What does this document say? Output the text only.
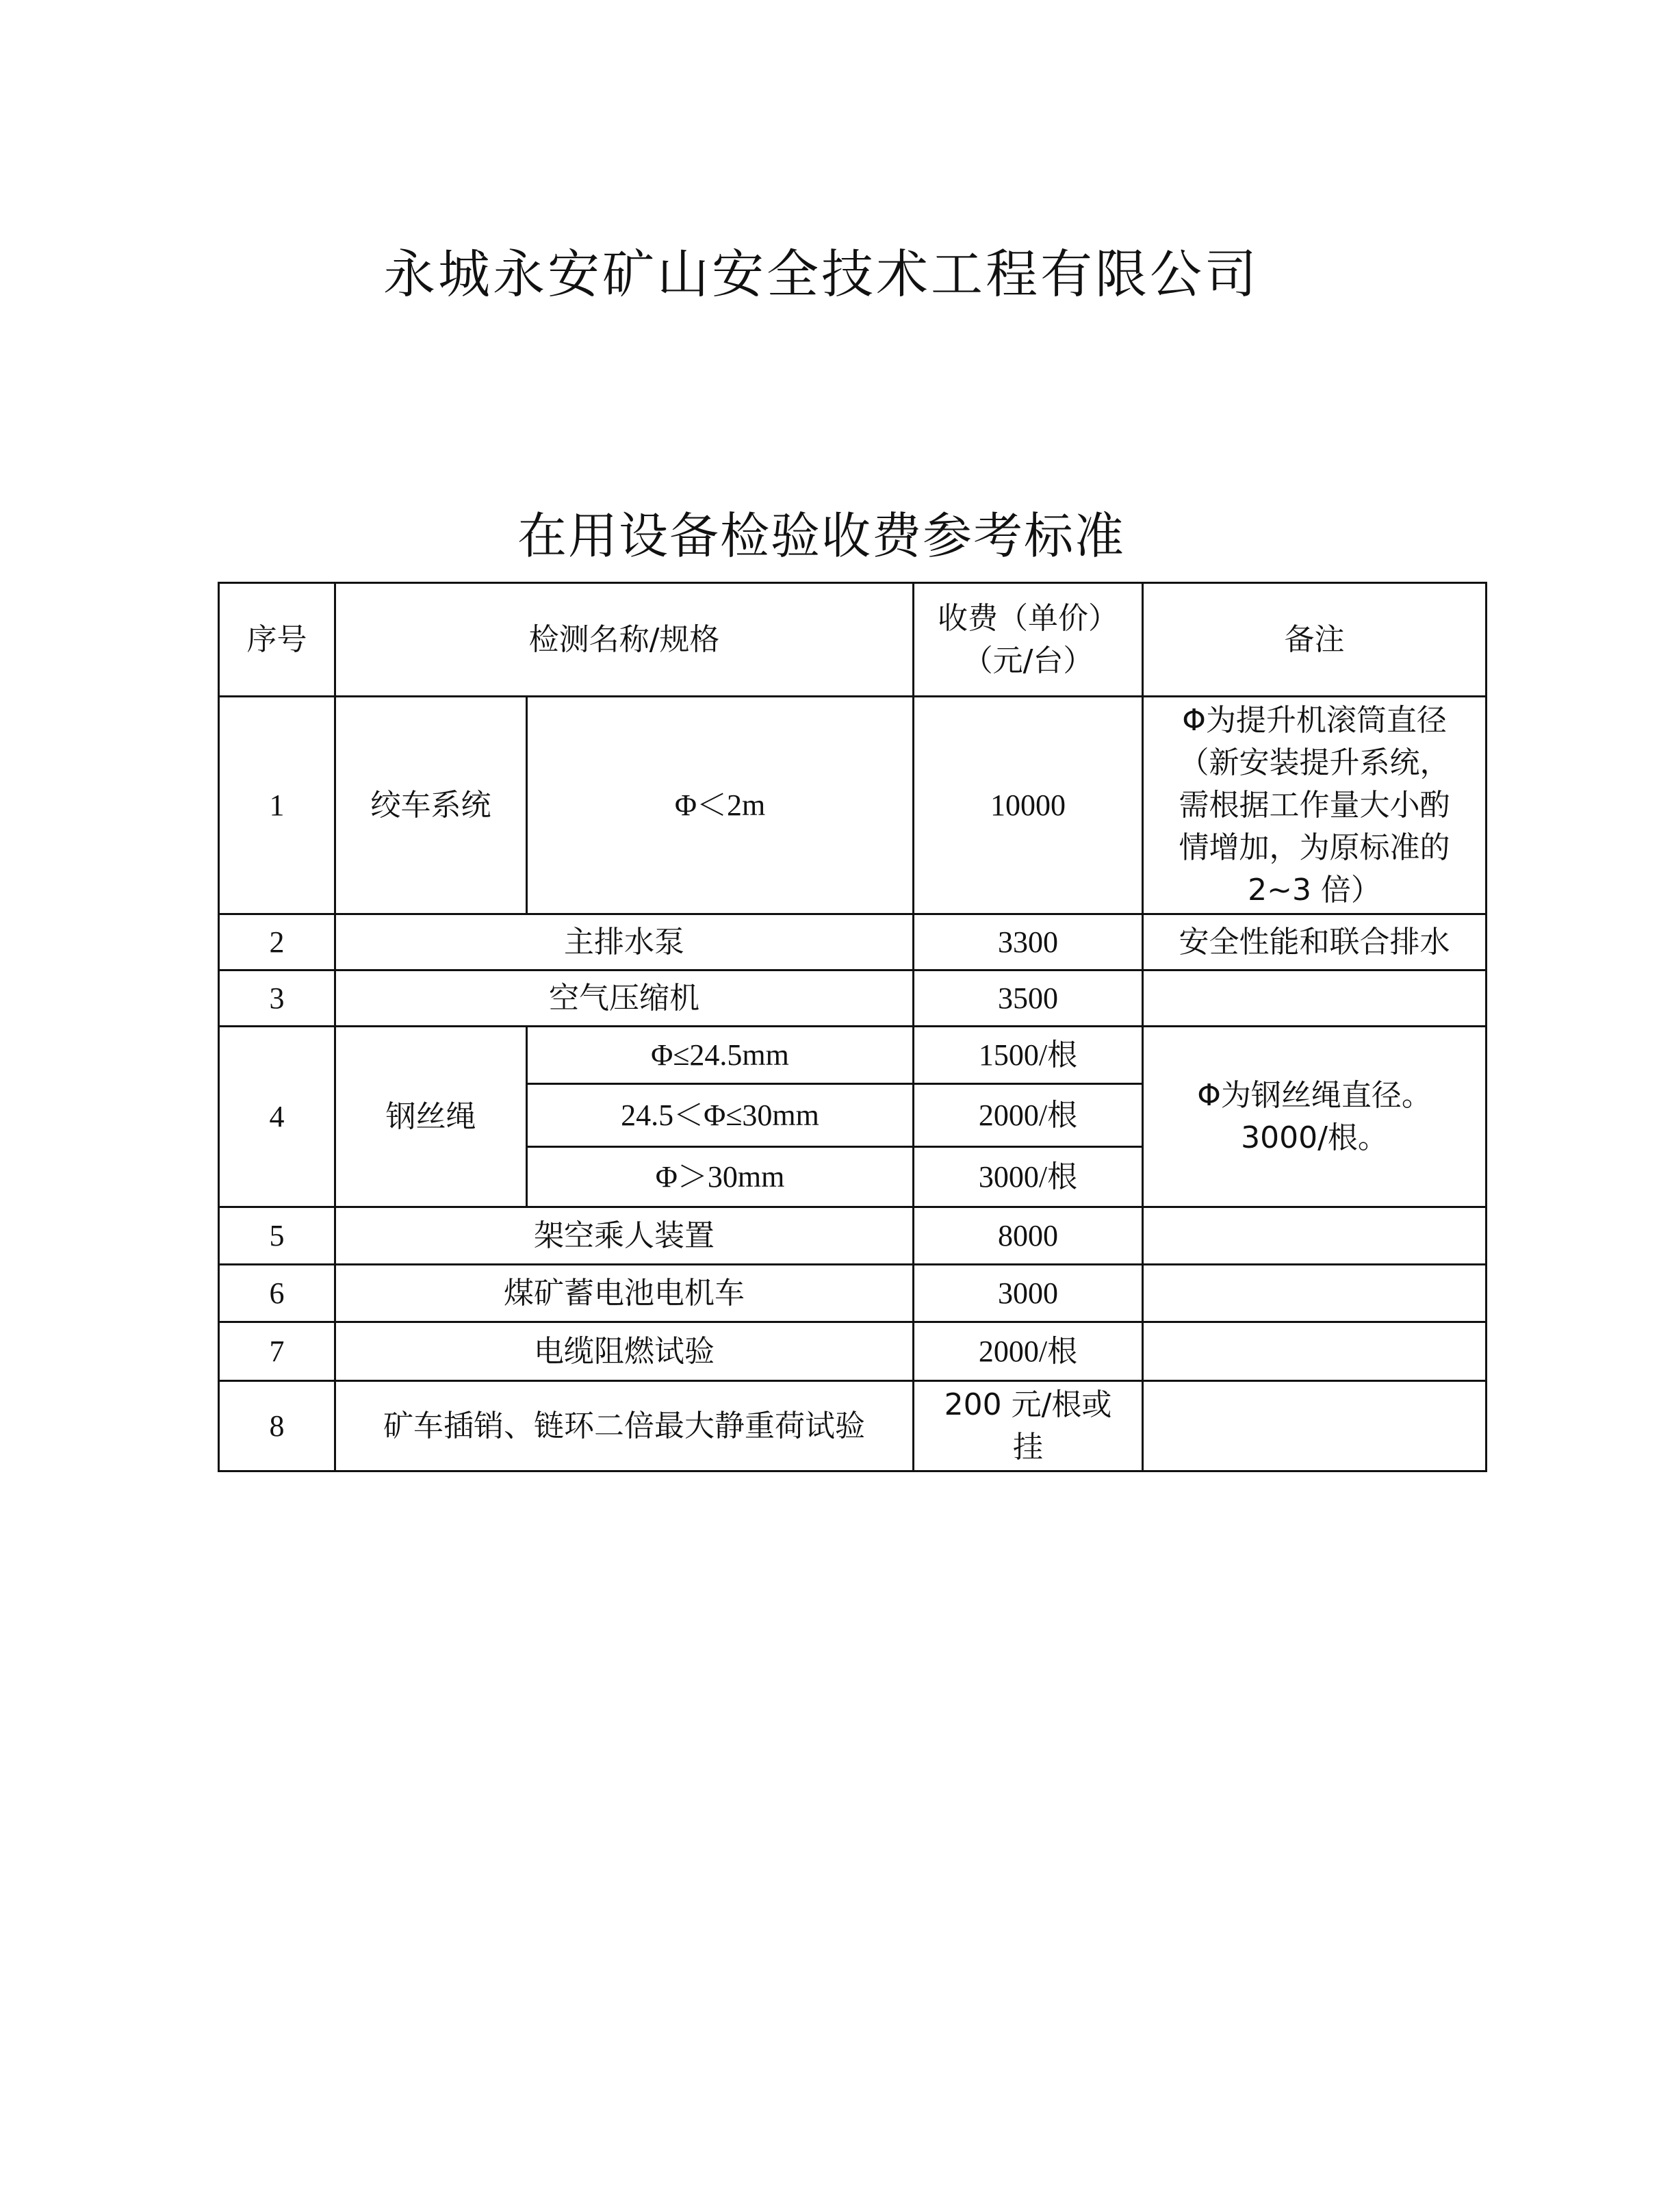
永城永安矿山安全技术工程有限公司
在用设备检验收费参考标准
序号	检测名称/规格		收费（单价）
（元/台）	备注
1	绞车系统	Φ＜2m	10000	Φ为提升机滚筒直径
（新安装提升系统，
需根据工作量大小酌
情增加，为原标准的
2~3 倍）

2	主排水泵		3300	安全性能和联合排水
3	空气压缩机		3500	
4	钢丝绳	Φ≤24.5mm	1500/根	Φ为钢丝绳直径。
3000/根。

		24.5＜Φ≤30mm	2000/根	
		Φ＞30mm	3000/根	
5	架空乘人装置		8000	
6	煤矿蓄电池电机车		3000	
7	电缆阻燃试验		2000/根	
8	矿车插销、链环二倍最大静重荷试验		200 元/根或
挂	
